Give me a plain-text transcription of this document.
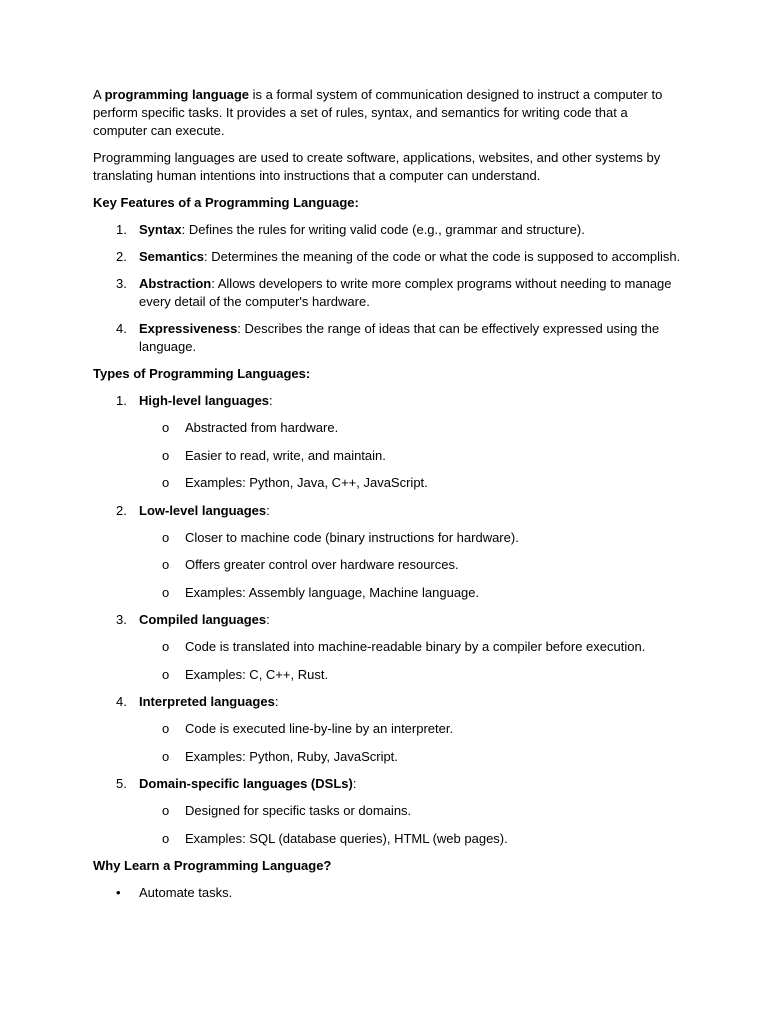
A programming language is a formal system of communication designed to instruct a computer to perform specific tasks. It provides a set of rules, syntax, and semantics for writing code that a computer can execute.

Programming languages are used to create software, applications, websites, and other systems by translating human intentions into instructions that a computer can understand.

Key Features of a Programming Language:
1. Syntax: Defines the rules for writing valid code (e.g., grammar and structure).
2. Semantics: Determines the meaning of the code or what the code is supposed to accomplish.
3. Abstraction: Allows developers to write more complex programs without needing to manage every detail of the computer's hardware.
4. Expressiveness: Describes the range of ideas that can be effectively expressed using the language.
Types of Programming Languages:
1. High-level languages:
o Abstracted from hardware.
o Easier to read, write, and maintain.
o Examples: Python, Java, C++, JavaScript.
2. Low-level languages:
o Closer to machine code (binary instructions for hardware).
o Offers greater control over hardware resources.
o Examples: Assembly language, Machine language.
3. Compiled languages:
o Code is translated into machine-readable binary by a compiler before execution.
o Examples: C, C++, Rust.
4. Interpreted languages:
o Code is executed line-by-line by an interpreter.
o Examples: Python, Ruby, JavaScript.
5. Domain-specific languages (DSLs):
o Designed for specific tasks or domains.
o Examples: SQL (database queries), HTML (web pages).
Why Learn a Programming Language?
• Automate tasks.
